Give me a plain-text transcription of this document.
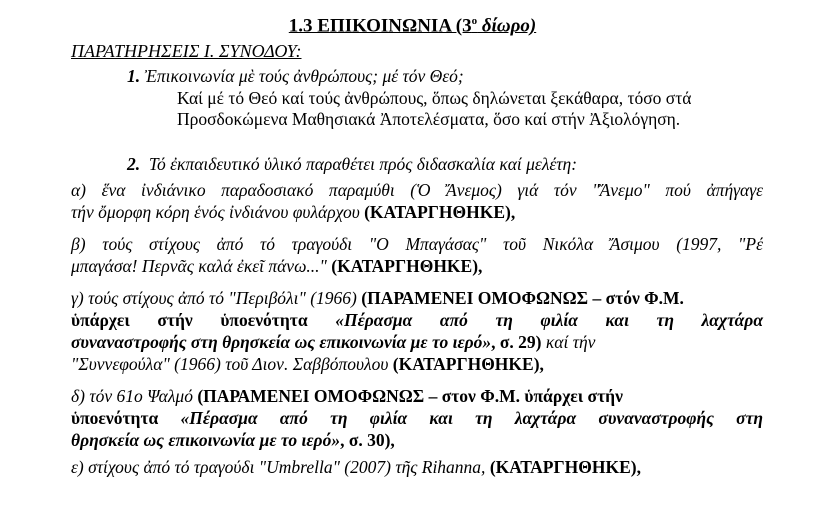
1.3 ΕΠΙΚΟΙΝΩΝΙΑ ($3^o$ δίωρο)
ΠΑΡΑΤΗΡΗΣΕΙΣ Ι. ΣΥΝΟΔΟΥ:
1. Ἐπικοινωνία μὲ τούς ἀνθρώπους; μέ τόν Θεό;
Καί μέ τό Θεό καί τούς ἀνθρώπους, ὅπως δηλώνεται ξεκάθαρα, τόσο στά
Προσδοκώμενα Μαθησιακά Ἀποτελέσματα, ὅσο καί στήν Ἀξιολόγηση.
2. Τό ἐκπαιδευτικό ὑλικό παραθέτει πρός διδασκαλία καί μελέτη:
α) ἕνα ἰνδιάνικο παραδοσιακό παραμύθι (Ὁ Ἄνεμος) γιά τόν "Ἄνεμο" πού ἀπήγαγε
τήν ὄμορφη κόρη ἑνός ἰνδιάνου φυλάρχου (ΚΑΤΑΡΓΗΘΗΚΕ),
β) τούς στίχους ἀπό τό τραγούδι "Ο Μπαγάσας" τοῦ Νικόλα Ἄσιμου (1997, "Ρέ
μπαγάσα! Περνᾶς καλά ἐκεῖ πάνω..." (ΚΑΤΑΡΓΗΘΗΚΕ),
γ) τούς στίχους ἀπό τό "Περιβόλι" (1966) (ΠΑΡΑΜΕΝΕΙ ΟΜΟΦΩΝΩΣ – στόν Φ.Μ.
ὑπάρχει στήν ὑποενότητα «Πέρασμα από τη φιλία και τη λαχτάρα
συναναστροφής στη θρησκεία ως επικοινωνία με το ιερό», σ. 29) καί τήν
"Συννεφούλα" (1966) τοῦ Διον. Σαββόπουλου (ΚΑΤΑΡΓΗΘΗΚΕ),
δ) τόν 61ο Ψαλμό (ΠΑΡΑΜΕΝΕΙ ΟΜΟΦΩΝΩΣ – στον Φ.Μ. ὑπάρχει στήν
ὑποενότητα «Πέρασμα από τη φιλία και τη λαχτάρα συναναστροφής στη
θρησκεία ως επικοινωνία με το ιερό», σ. 30),
ε) στίχους ἀπό τό τραγούδι "Umbrella" (2007) τῆς Rihanna, (ΚΑΤΑΡΓΗΘΗΚΕ),
